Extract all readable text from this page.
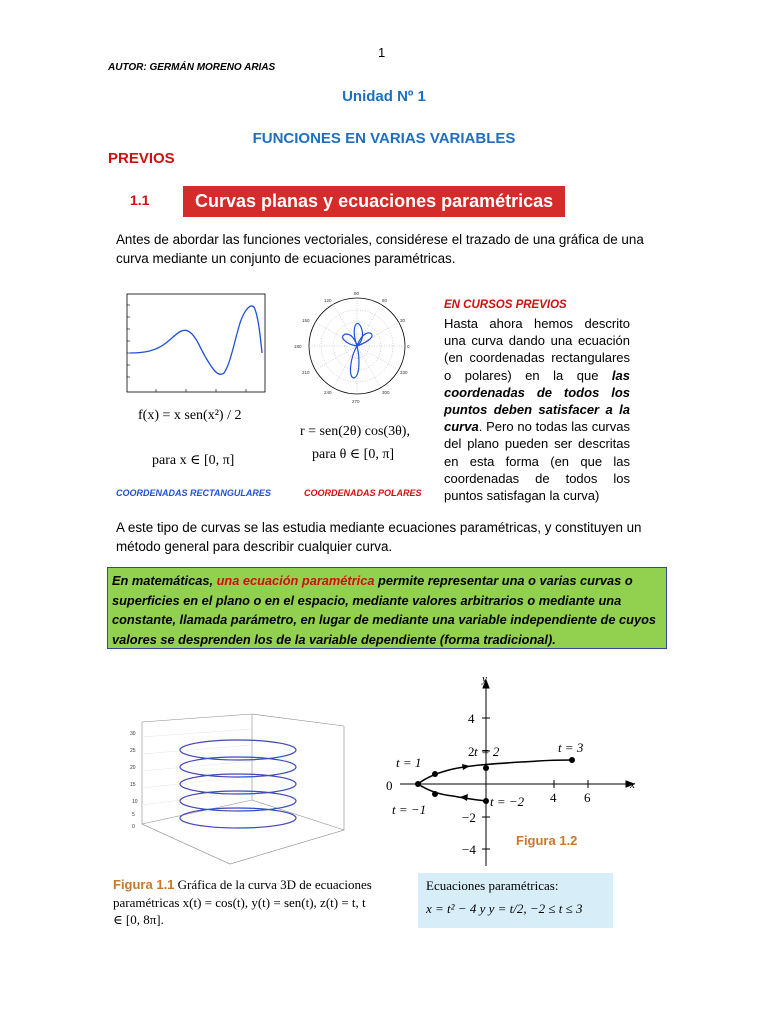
1
AUTOR: GERMÁN MORENO ARIAS
Unidad Nº 1
FUNCIONES EN VARIAS VARIABLES
PREVIOS
1.1	Curvas planas y ecuaciones paramétricas
Antes de abordar las funciones vectoriales, considérese el trazado de una gráfica de una curva mediante un conjunto de ecuaciones paramétricas.
f(x) = x sen(x²) / 2
para x ∈ [0, π]
COORDENADAS RECTANGULARES
90
0
270
180
60
30
330
300
240
210
150
120
r = sen(2θ) cos(3θ),
para θ ∈ [0, π]
COORDENADAS POLARES
EN CURSOS PREVIOS
Hasta ahora hemos descrito una curva dando una ecuación (en coordenadas rectangulares o polares) en la que las coordenadas de todos los puntos deben satisfacer a la curva. Pero no todas las curvas del plano pueden ser descritas en esta forma (en que las coordenadas de todos los puntos satisfagan la curva)
A este tipo de curvas se las estudia mediante ecuaciones paramétricas, y constituyen un método general para describir cualquier curva.
En matemáticas, una ecuación paramétrica permite representar una o varias curvas o superficies en el plano o en el espacio, mediante valores arbitrarios o mediante una constante, llamada parámetro, en lugar de mediante una variable independiente de cuyos valores se desprenden los de la variable dependiente (forma tradicional).
30
25
20
15
10
5
0
Figura 1.1 Gráfica de la curva 3D de ecuaciones paramétricas x(t) = cos(t), y(t) = sen(t), z(t) = t, t ∈ [0, 8π].
y
x
4
2
−2
−4
4 6
0
t = 1
t = 2	t = 3
t = −1
t = −2
Figura 1.2
Ecuaciones paramétricas:
x = t² − 4 y y = t/2, −2 ≤ t ≤ 3
